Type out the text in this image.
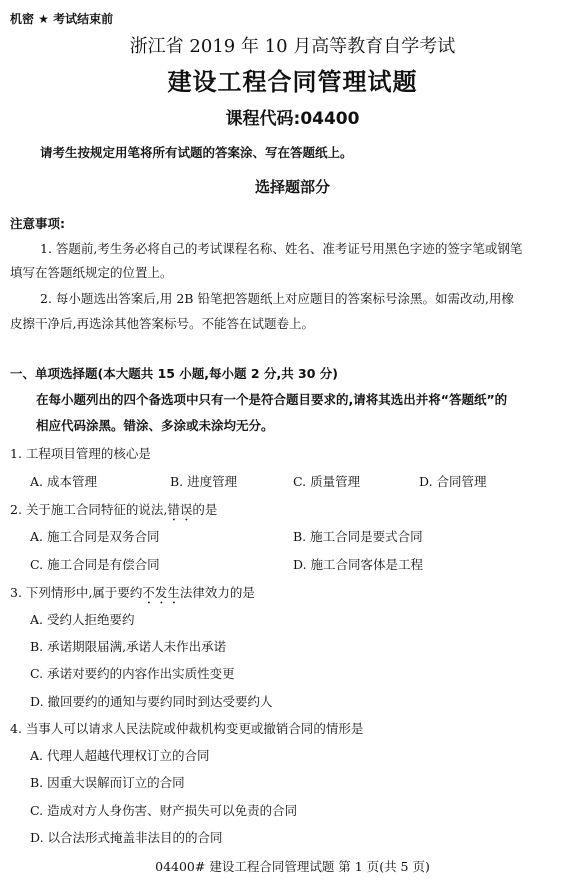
机密 ★ 考试结束前
浙江省 2019 年 10 月高等教育自学考试
建设工程合同管理试题
课程代码:04400
请考生按规定用笔将所有试题的答案涂、写在答题纸上。
选择题部分
注意事项:
1. 答题前,考生务必将自己的考试课程名称、姓名、准考证号用黑色字迹的签字笔或钢笔
填写在答题纸规定的位置上。
2. 每小题选出答案后,用 2B 铅笔把答题纸上对应题目的答案标号涂黑。如需改动,用橡
皮擦干净后,再选涂其他答案标号。不能答在试题卷上。
一、单项选择题(本大题共 15 小题,每小题 2 分,共 30 分)
在每小题列出的四个备选项中只有一个是符合题目要求的,请将其选出并将“答题纸”的
相应代码涂黑。错涂、多涂或未涂均无分。
1. 工程项目管理的核心是
A. 成本管理	B. 进度管理	C. 质量管理	D. 合同管理
2. 关于施工合同特征的说法,错误的是
A. 施工合同是双务合同	B. 施工合同是要式合同
C. 施工合同是有偿合同	D. 施工合同客体是工程
3. 下列情形中,属于要约不发生法律效力的是
A. 受约人拒绝要约
B. 承诺期限届满,承诺人未作出承诺
C. 承诺对要约的内容作出实质性变更
D. 撤回要约的通知与要约同时到达受要约人
4. 当事人可以请求人民法院或仲裁机构变更或撤销合同的情形是
A. 代理人超越代理权订立的合同
B. 因重大误解而订立的合同
C. 造成对方人身伤害、财产损失可以免责的合同
D. 以合法形式掩盖非法目的的合同
04400# 建设工程合同管理试题 第 1 页(共 5 页)
